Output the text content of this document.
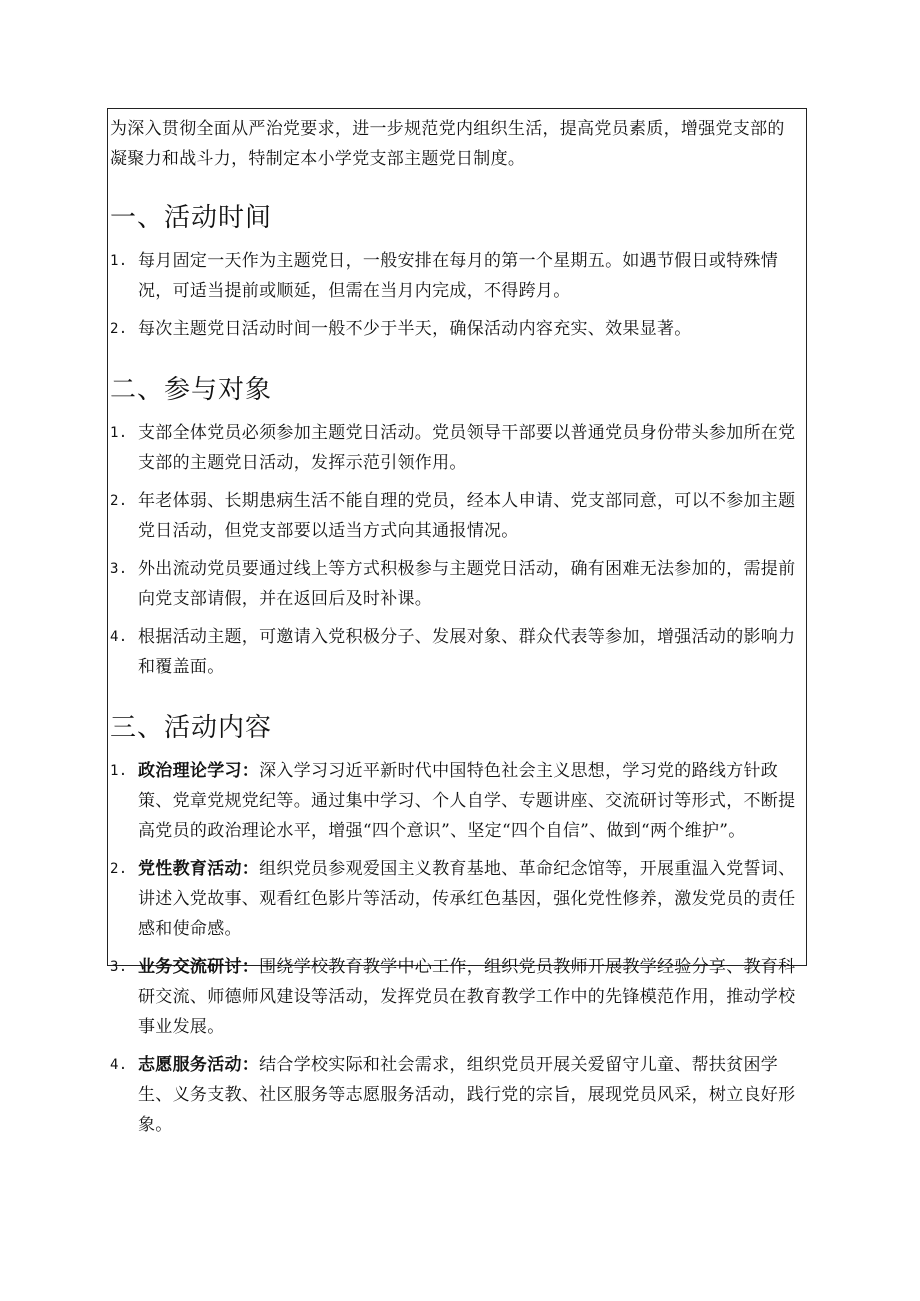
为深入贯彻全面从严治党要求，进一步规范党内组织生活，提高党员素质，增强党支部的凝聚力和战斗力，特制定本小学党支部主题党日制度。

一、活动时间
1. 每月固定一天作为主题党日，一般安排在每月的第一个星期五。如遇节假日或特殊情况，可适当提前或顺延，但需在当月内完成，不得跨月。
2. 每次主题党日活动时间一般不少于半天，确保活动内容充实、效果显著。
二、参与对象
1. 支部全体党员必须参加主题党日活动。党员领导干部要以普通党员身份带头参加所在党支部的主题党日活动，发挥示范引领作用。
2. 年老体弱、长期患病生活不能自理的党员，经本人申请、党支部同意，可以不参加主题党日活动，但党支部要以适当方式向其通报情况。
3. 外出流动党员要通过线上等方式积极参与主题党日活动，确有困难无法参加的，需提前向党支部请假，并在返回后及时补课。
4. 根据活动主题，可邀请入党积极分子、发展对象、群众代表等参加，增强活动的影响力和覆盖面。
三、活动内容
1. 政治理论学习：深入学习习近平新时代中国特色社会主义思想，学习党的路线方针政策、党章党规党纪等。通过集中学习、个人自学、专题讲座、交流研讨等形式，不断提高党员的政治理论水平，增强“四个意识”、坚定“四个自信”、做到“两个维护”。
2. 党性教育活动：组织党员参观爱国主义教育基地、革命纪念馆等，开展重温入党誓词、讲述入党故事、观看红色影片等活动，传承红色基因，强化党性修养，激发党员的责任感和使命感。
3. 业务交流研讨：围绕学校教育教学中心工作，组织党员教师开展教学经验分享、教育科研交流、师德师风建设等活动，发挥党员在教育教学工作中的先锋模范作用，推动学校事业发展。
4. 志愿服务活动：结合学校实际和社会需求，组织党员开展关爱留守儿童、帮扶贫困学生、义务支教、社区服务等志愿服务活动，践行党的宗旨，展现党员风采，树立良好形象。
